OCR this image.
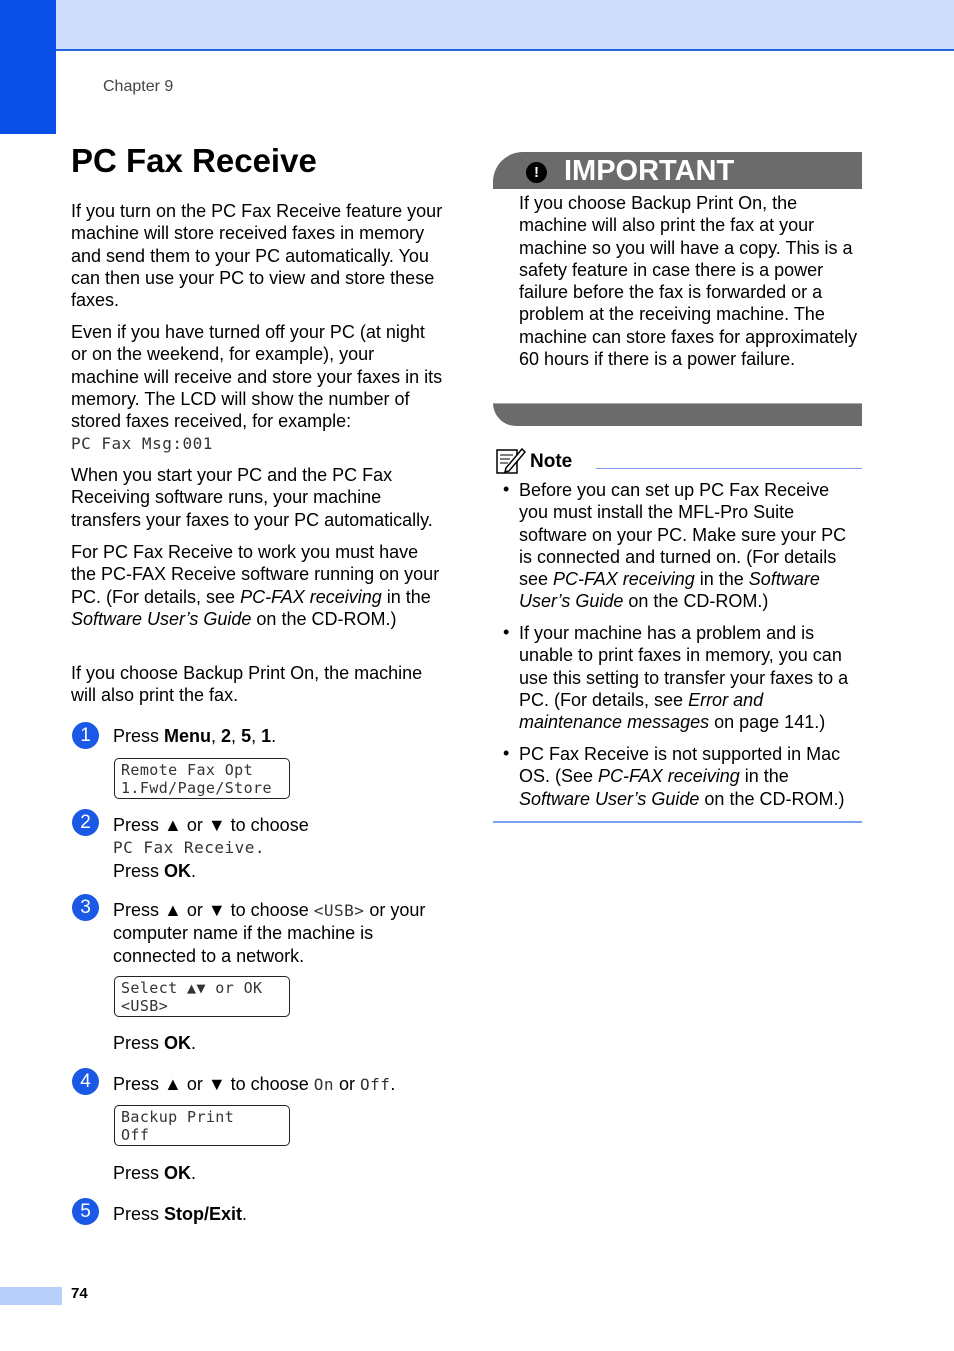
Chapter 9
PC Fax Receive
If you turn on the PC Fax Receive feature your machine will store received faxes in memory and send them to your PC automatically. You can then use your PC to view and store these faxes.
Even if you have turned off your PC (at night or on the weekend, for example), your machine will receive and store your faxes in its memory. The LCD will show the number of stored faxes received, for example:
PC Fax Msg:001
When you start your PC and the PC Fax Receiving software runs, your machine transfers your faxes to your PC automatically.
For PC Fax Receive to work you must have the PC-FAX Receive software running on your PC. (For details, see PC-FAX receiving in the Software User’s Guide on the CD-ROM.)
If you choose Backup Print On, the machine will also print the fax.
1	Press Menu, 2, 5, 1.
Remote Fax Opt
1.Fwd/Page/Store
2	Press ▲ or ▼ to choose
PC Fax Receive.
Press OK.
3	Press ▲ or ▼ to choose <USB> or your computer name if the machine is connected to a network.
Select ▲▼ or OK
<USB>
Press OK.
4	Press ▲ or ▼ to choose On or Off.
Backup Print
Off
Press OK.
5	Press Stop/Exit.
! IMPORTANT
If you choose Backup Print On, the machine will also print the fax at your machine so you will have a copy. This is a safety feature in case there is a power failure before the fax is forwarded or a problem at the receiving machine. The machine can store faxes for approximately 60 hours if there is a power failure.
Note
• Before you can set up PC Fax Receive you must install the MFL-Pro Suite software on your PC. Make sure your PC is connected and turned on. (For details see PC-FAX receiving in the Software User’s Guide on the CD-ROM.)
• If your machine has a problem and is unable to print faxes in memory, you can use this setting to transfer your faxes to a PC. (For details, see Error and maintenance messages on page 141.)
• PC Fax Receive is not supported in Mac OS. (See PC-FAX receiving in the Software User’s Guide on the CD-ROM.)
74
